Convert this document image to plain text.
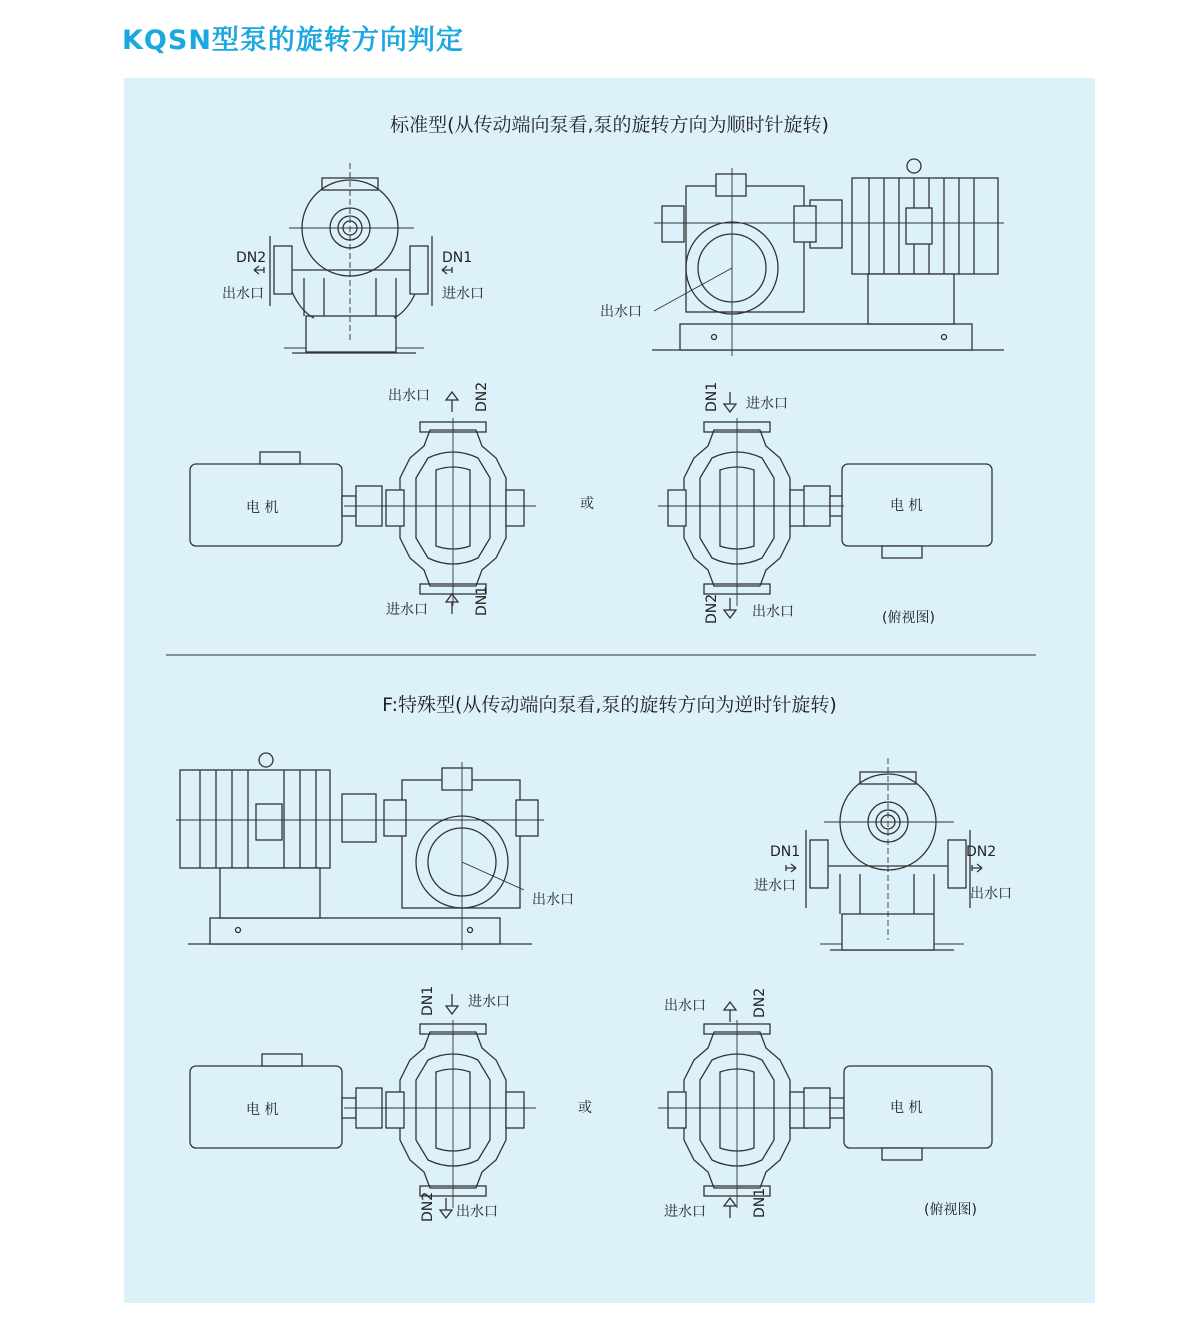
KQSN型泵的旋转方向判定
标准型(从传动端向泵看,泵的旋转方向为顺时针旋转)
F:特殊型(从传动端向泵看,泵的旋转方向为逆时针旋转)
DN2
出水口
DN1
进水口
出水口
电 机
出水口	DN2
进水口	DN1
或	电 机
DN1 进水口
DN2 出水口	(俯视图)
出水口
DN1
进水口
DN2
出水口
电 机
DN1 进水口
DN2 出水口
或	电 机
出水口	DN2
进水口	DN1	(俯视图)
